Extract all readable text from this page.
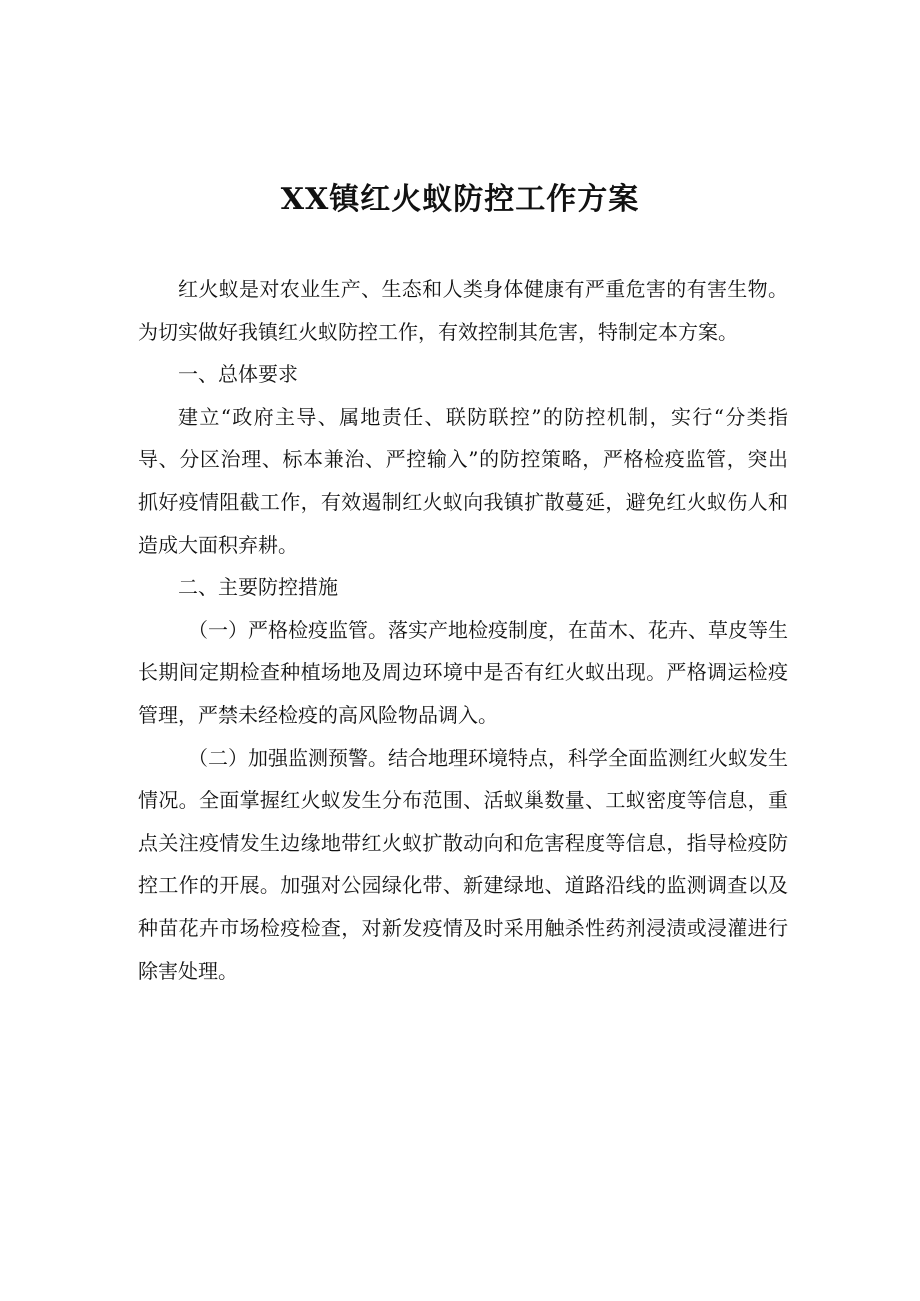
XX镇红火蚁防控工作方案

红火蚁是对农业生产、生态和人类身体健康有严重危害的有害生物。为切实做好我镇红火蚁防控工作，有效控制其危害，特制定本方案。

一、总体要求

建立“政府主导、属地责任、联防联控”的防控机制，实行“分类指导、分区治理、标本兼治、严控输入”的防控策略，严格检疫监管，突出抓好疫情阻截工作，有效遏制红火蚁向我镇扩散蔓延，避免红火蚁伤人和造成大面积弃耕。

二、主要防控措施

（一）严格检疫监管。落实产地检疫制度，在苗木、花卉、草皮等生长期间定期检查种植场地及周边环境中是否有红火蚁出现。严格调运检疫管理，严禁未经检疫的高风险物品调入。

（二）加强监测预警。结合地理环境特点，科学全面监测红火蚁发生情况。全面掌握红火蚁发生分布范围、活蚁巢数量、工蚁密度等信息，重点关注疫情发生边缘地带红火蚁扩散动向和危害程度等信息，指导检疫防控工作的开展。加强对公园绿化带、新建绿地、道路沿线的监测调查以及种苗花卉市场检疫检查，对新发疫情及时采用触杀性药剂浸渍或浸灌进行除害处理。
